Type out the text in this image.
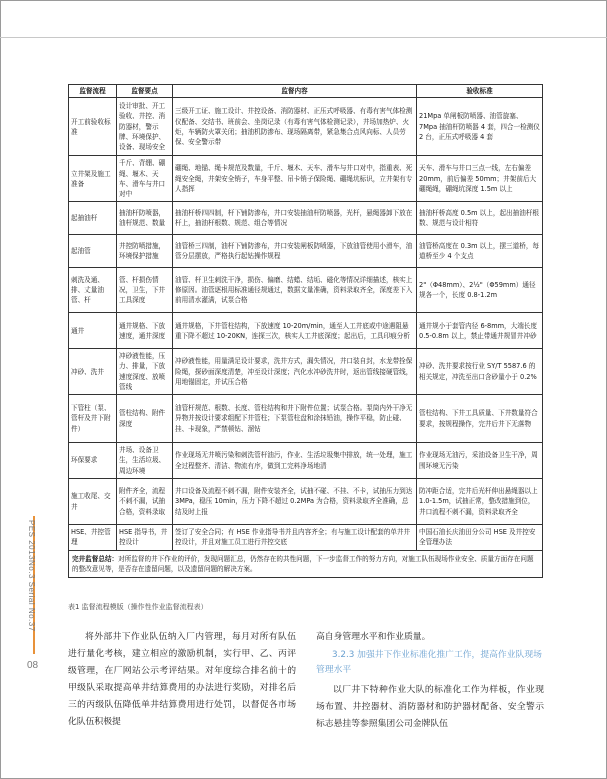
PES 2013No.3 Serial No.37
08
监督流程	监督要点	监督内容	验收标准
开工前验收标准	设计审批、开工验收、井控、消防器材，警示牌、环境保护、设备、现场安全	三级开工证、施工设计、井控设备、消防器材、正压式呼吸器、有毒有害气体检测仪配备、交结书、班前会、坐岗记录（有毒有害气体检测记录），井场加热炉、火炬，车辆防火罩关闭；抽油机防渗布、现场隔离带，紧急集合点风向标、人员劳保、安全警示带	21Mpa 单闸板防喷器、油管旋塞、7Mpa 抽油杆防喷器 4 套，四合一检测仪 2 台，正压式呼吸器 4 套
立井架及施工准备	千斤、背绷、硼绳、堰木、天车、滑车与井口对中	硼绳、地锚、绳卡规范及数量，千斤、堰木、天车、滑车与井口对中，指重表、死绳安全绳，井架安全销子，车身平整、吊卡销子保险绳、硼绳坑标识，立井架有专人指挥	天车、滑车与井口三点一线，左右偏差 20mm，前后偏差 50mm；井架前后大硼绳绳，硼绳坑深度 1.5m 以上
起抽油杆	抽油杆防喷器，油杆规范、数量	抽油杆桥四四制，杆下铺防渗布，井口安装抽油杆防喷器，光杆，悬绳器卸下放在杆上，抽油杆根数、规范、组合等情况	抽油杆桥高度 0.5m 以上，起出抽油杆根数、规范与设计相符
起油管	井控防喷措施，环境保护措施	油管桥三四制，油杆下铺防渗布，井口安装闸板防喷器，下放油管使用小滑车，油管分层摆放，严格执行起钻操作规程	油管桥高度在 0.3m 以上，摆三道桥，每道桥至少 4 个支点
刺洗及通、排、丈量油管、杆	管、杆损伤情况，卫生，下井工具深度	油管、杆卫生刺洗干净，损伤、偏磨、结蜡、结垢、磁化等情况详细描述，核实上修原因。油管逐根用标准通径规通过，数据文量准确，资料录取齐全，深度差下入前用清水灌满，试泵合格	2"（Φ48mm）、2½"（Φ59mm）通径规各一个，长度 0.8-1.2m
通井	通井规格、下放速度，通井深度	通井规格，下井管柱结构，下放速度 10-20m/min，通至人工井底或中途遇阻悬重下降不超过 10-20KN，连探三次，核实人工井底深度；起出后，工具印痕分析	通井规小于套管内径 6-8mm，大端长度 0.5-0.8m 以上，禁止带通井规冒井冲砂
冲砂、洗井	冲砂液性能，压力、排量，下放速度深度、放喷管线	冲砂液性能，用量满足设计要求，洗井方式，漏失情况，井口装自封，水龙带拴保险绳，探砂面深度清楚，冲至设计深度；汽化水冲砂洗井时，返出管线接硬管线，用地锚固定，并试压合格	冲砂、洗井要求按行业 SY/T 5587.6 的相关规定，冲洗至出口含砂量小于 0.2%
下管柱（泵、管杆及井下附件）	管柱结构、附件深度	油管杆规范、根数、长度、管柱结构和井下附件位置；试泵合格。泵筒内外干净无异物并按设计要求组配下井管柱；下泵管柱盘和涂抹铅油，操作平稳，防止碰、挂、卡现象，严禁顿钻、溜钻	管柱结构、下井工具质量、下井数量符合要求，按规程操作，完井后井下无落物
环保要求	井场、设备卫生，生活垃圾、周边环境	作业现场无井喷污染和刺洗管杆油污，作业、生活垃圾集中排放，统一处理，施工全过程整齐、清洁、物流有序，做到工完料净场地清	作业现场无油污，采油设备卫生干净，周围环境无污染
施工收尾、交井	附件齐全，流程不刺不漏，试抽合格，资料录取	井口设备及流程不刺不漏，附件安装齐全，试抽不碰、不挂、不卡，试抽压力到达 3MPa，稳压 10min，压力下降不超过 0.2MPa 为合格，资料录取齐全准确，总结及时上报	防冲距合适，完井后光杆伸出悬绳器以上 1.0-1.5m，试抽正常，整改措施到位，井口流程不刺不漏，资料录取齐全
HSE、井控管理	HSE 指导书，井控设计	签订了安全合同；有 HSE 作业指导书并且内容齐全；有与施工设计配套的单井井控设计，并且对施工员工进行井控交底	中国石油长庆油田分公司 HSE 及井控安全管理办法
完井监督总结：对所监督的井下作业的评价，发现问题汇总，仍然存在的共性问题，下一步监督工作的努力方向，对施工队伍现场作业安全、质量方面存在问题的整改意见等，是否存在遗留问题，以及遗留问题的解决方案。			
表1 监督流程模版（操作性作业监督流程表）
将外部井下作业队伍纳入厂内管理，每月对所有队伍进行量化考核，建立相应的激励机制，实行甲、乙、丙评级管理，在厂网站公示考评结果。对年度综合排名前十的甲级队采取提高单井结算费用的办法进行奖励，对排名后三的丙级队伍降低单井结算费用进行处罚，以督促各市场化队伍积极提
高自身管理水平和作业质量。
3.2.3 加强井下作业标准化推广工作，提高作业队现场管理水平
以厂井下特种作业大队的标准化工作为样板，作业现场布置、井控器材、消防器材和防护器材配备、安全警示标志悬挂等参照集团公司金牌队伍
